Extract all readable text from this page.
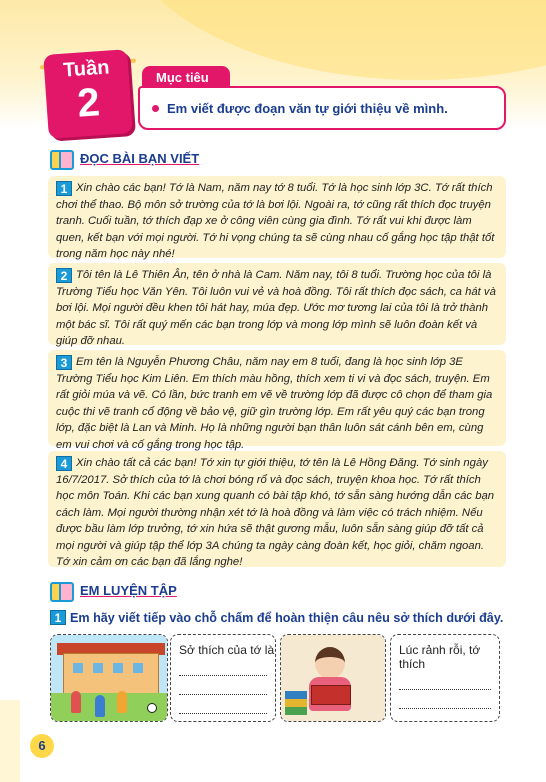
Tuần
2
Mục tiêu
Em viết được đoạn văn tự giới thiệu về mình.
ĐỌC BÀI BẠN VIẾT
1 Xin chào các bạn! Tớ là Nam, năm nay tớ 8 tuổi. Tớ là học sinh lớp 3C. Tớ rất thích chơi thể thao. Bộ môn sở trường của tớ là bơi lội. Ngoài ra, tớ cũng rất thích đọc truyện tranh. Cuối tuần, tớ thích đạp xe ở công viên cùng gia đình. Tớ rất vui khi được làm quen, kết bạn với mọi người. Tớ hi vọng chúng ta sẽ cùng nhau cố gắng học tập thật tốt trong năm học này nhé!
2 Tôi tên là Lê Thiên Ân, tên ở nhà là Cam. Năm nay, tôi 8 tuổi. Trường học của tôi là Trường Tiểu học Văn Yên. Tôi luôn vui vẻ và hoà đồng. Tôi rất thích đọc sách, ca hát và bơi lội. Mọi người đều khen tôi hát hay, múa đẹp. Ước mơ tương lai của tôi là trở thành một bác sĩ. Tôi rất quý mến các bạn trong lớp và mong lớp mình sẽ luôn đoàn kết và giúp đỡ nhau.
3 Em tên là Nguyễn Phương Châu, năm nay em 8 tuổi, đang là học sinh lớp 3E Trường Tiểu học Kim Liên. Em thích màu hồng, thích xem ti vi và đọc sách, truyện. Em rất giỏi múa và vẽ. Có lần, bức tranh em vẽ về trường lớp đã được cô chọn để tham gia cuộc thi vẽ tranh cổ động về bảo vệ, giữ gìn trường lớp. Em rất yêu quý các bạn trong lớp, đặc biệt là Lan và Minh. Họ là những người bạn thân luôn sát cánh bên em, cùng em vui chơi và cố gắng trong học tập.
4 Xin chào tất cả các bạn! Tớ xin tự giới thiệu, tớ tên là Lê Hồng Đăng. Tớ sinh ngày 16/7/2017. Sở thích của tớ là chơi bóng rổ và đọc sách, truyện khoa học. Tớ rất thích học môn Toán. Khi các bạn xung quanh có bài tập khó, tớ sẵn sàng hướng dẫn các bạn cách làm. Mọi người thường nhận xét tớ là hoà đồng và làm việc có trách nhiệm. Nếu được bầu làm lớp trưởng, tớ xin hứa sẽ thật gương mẫu, luôn sẵn sàng giúp đỡ tất cả mọi người và giúp tập thể lớp 3A chúng ta ngày càng đoàn kết, học giỏi, chăm ngoan. Tớ xin cảm ơn các bạn đã lắng nghe!
EM LUYỆN TẬP
1 Em hãy viết tiếp vào chỗ chấm để hoàn thiện câu nêu sở thích dưới đây.
Sở thích của tớ là	Lúc rảnh rỗi, tớ thích
6
